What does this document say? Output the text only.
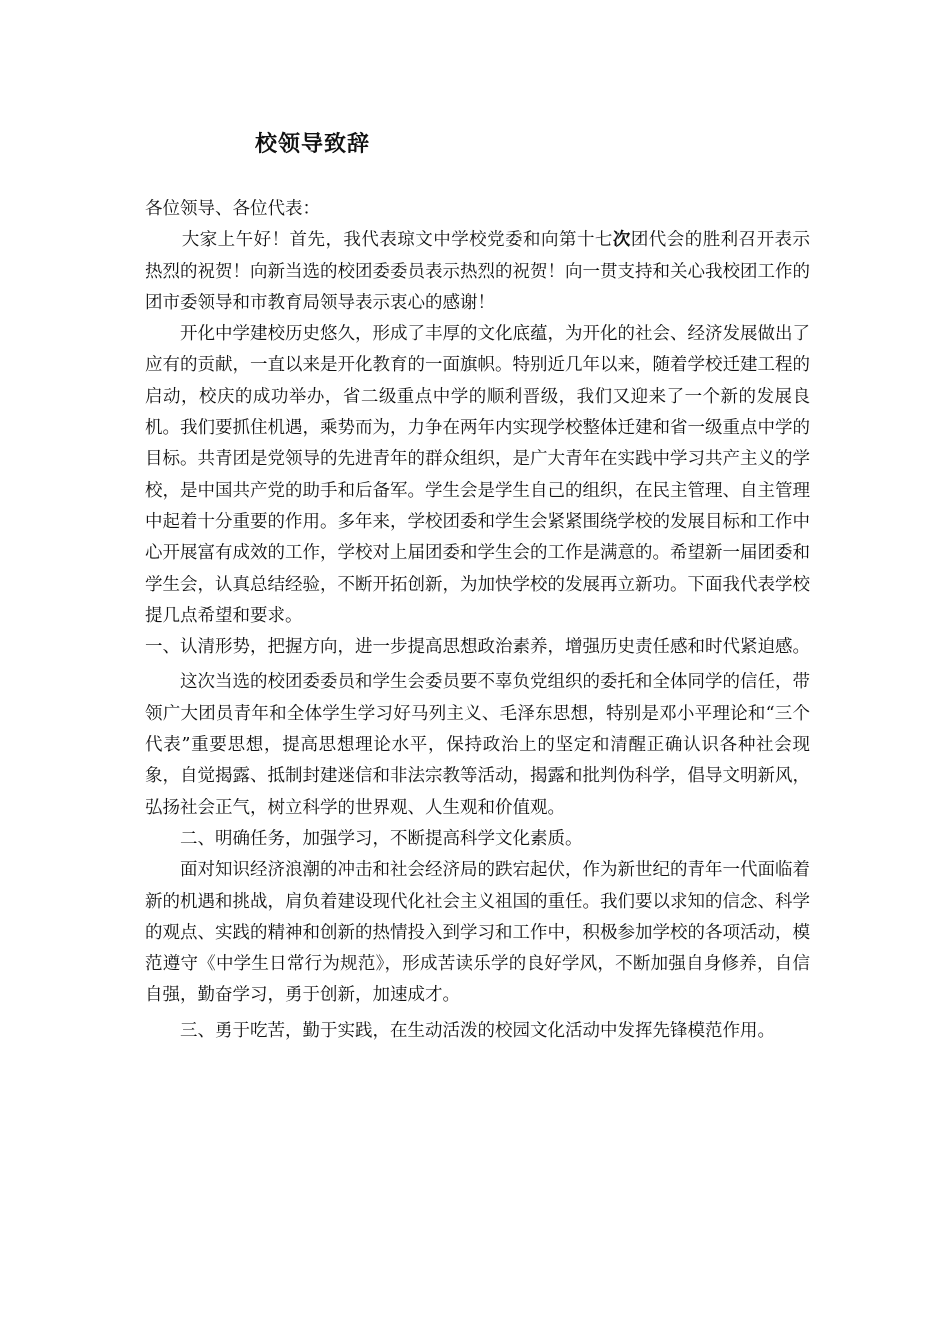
校领导致辞

各位领导、各位代表：

大家上午好！首先，我代表琼文中学校党委和向第十七次团代会的胜利召开表示热烈的祝贺！向新当选的校团委委员表示热烈的祝贺！向一贯支持和关心我校团工作的团市委领导和市教育局领导表示衷心的感谢！

开化中学建校历史悠久，形成了丰厚的文化底蕴，为开化的社会、经济发展做出了应有的贡献，一直以来是开化教育的一面旗帜。特别近几年以来，随着学校迁建工程的启动，校庆的成功举办，省二级重点中学的顺利晋级，我们又迎来了一个新的发展良机。我们要抓住机遇，乘势而为，力争在两年内实现学校整体迁建和省一级重点中学的目标。共青团是党领导的先进青年的群众组织，是广大青年在实践中学习共产主义的学校，是中国共产党的助手和后备军。学生会是学生自己的组织，在民主管理、自主管理中起着十分重要的作用。多年来，学校团委和学生会紧紧围绕学校的发展目标和工作中心开展富有成效的工作，学校对上届团委和学生会的工作是满意的。希望新一届团委和学生会，认真总结经验，不断开拓创新，为加快学校的发展再立新功。下面我代表学校提几点希望和要求。

一、认清形势，把握方向，进一步提高思想政治素养，增强历史责任感和时代紧迫感。

这次当选的校团委委员和学生会委员要不辜负党组织的委托和全体同学的信任，带领广大团员青年和全体学生学习好马列主义、毛泽东思想，特别是邓小平理论和“三个代表”重要思想，提高思想理论水平，保持政治上的坚定和清醒正确认识各种社会现象，自觉揭露、抵制封建迷信和非法宗教等活动，揭露和批判伪科学，倡导文明新风，弘扬社会正气，树立科学的世界观、人生观和价值观。

二、明确任务，加强学习，不断提高科学文化素质。

面对知识经济浪潮的冲击和社会经济局的跌宕起伏，作为新世纪的青年一代面临着新的机遇和挑战，肩负着建设现代化社会主义祖国的重任。我们要以求知的信念、科学的观点、实践的精神和创新的热情投入到学习和工作中，积极参加学校的各项活动，模范遵守《中学生日常行为规范》，形成苦读乐学的良好学风，不断加强自身修养，自信自强，勤奋学习，勇于创新，加速成才。

三、勇于吃苦，勤于实践，在生动活泼的校园文化活动中发挥先锋模范作用。
